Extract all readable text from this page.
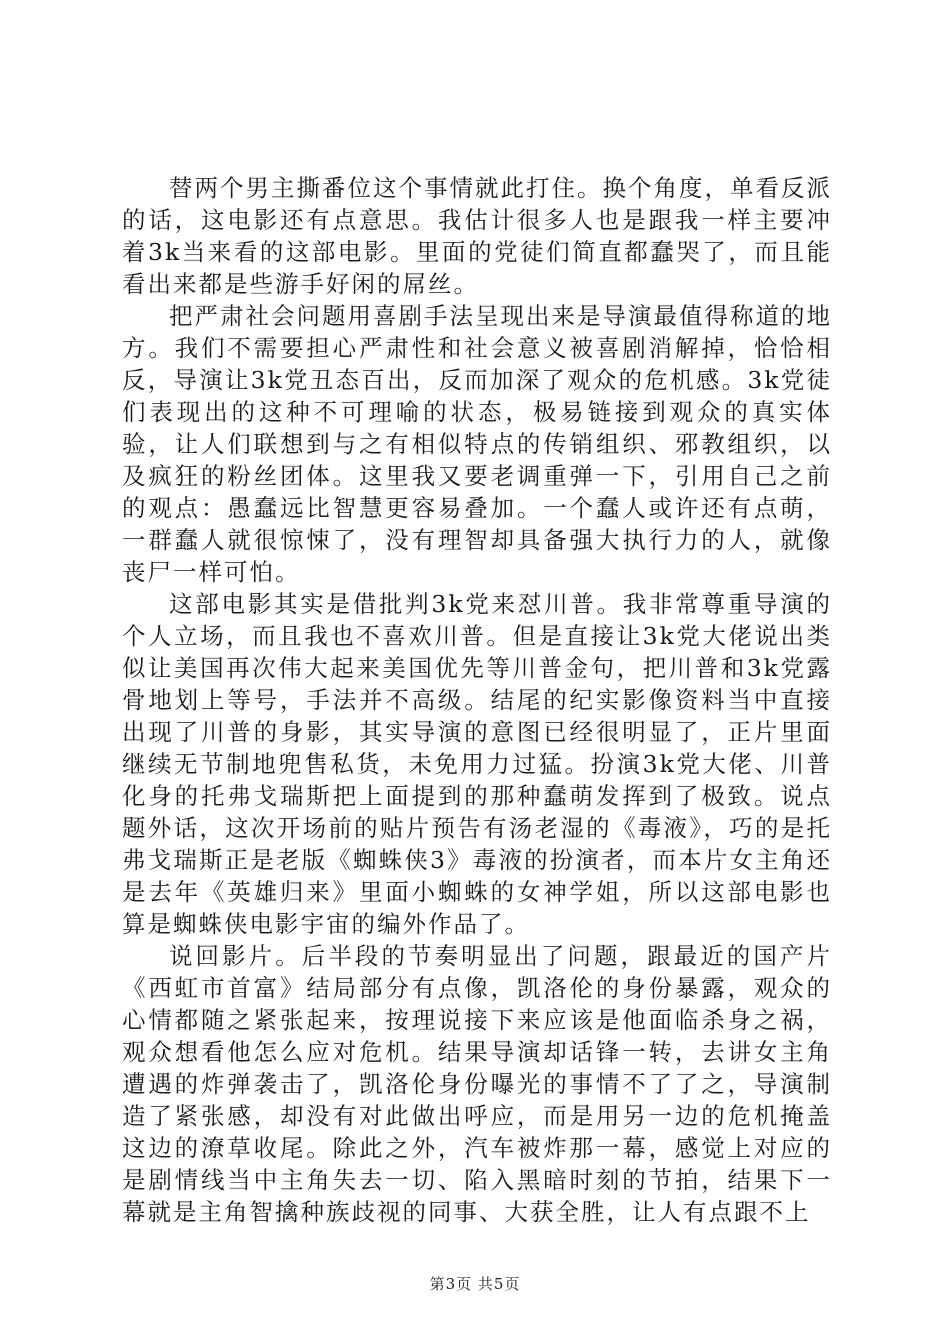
替两个男主撕番位这个事情就此打住。换个角度，单看反派的话，这电影还有点意思。我估计很多人也是跟我一样主要冲着3k当来看的这部电影。里面的党徒们简直都蠢哭了，而且能看出来都是些游手好闲的屌丝。

把严肃社会问题用喜剧手法呈现出来是导演最值得称道的地方。我们不需要担心严肃性和社会意义被喜剧消解掉，恰恰相反，导演让3k党丑态百出，反而加深了观众的危机感。3k党徒们表现出的这种不可理喻的状态，极易链接到观众的真实体验，让人们联想到与之有相似特点的传销组织、邪教组织，以及疯狂的粉丝团体。这里我又要老调重弹一下，引用自己之前的观点：愚蠢远比智慧更容易叠加。一个蠢人或许还有点萌，一群蠢人就很惊悚了，没有理智却具备强大执行力的人，就像丧尸一样可怕。

这部电影其实是借批判3k党来怼川普。我非常尊重导演的个人立场，而且我也不喜欢川普。但是直接让3k党大佬说出类似让美国再次伟大起来美国优先等川普金句，把川普和3k党露骨地划上等号，手法并不高级。结尾的纪实影像资料当中直接出现了川普的身影，其实导演的意图已经很明显了，正片里面继续无节制地兜售私货，未免用力过猛。扮演3k党大佬、川普化身的托弗戈瑞斯把上面提到的那种蠢萌发挥到了极致。说点题外话，这次开场前的贴片预告有汤老湿的《毒液》，巧的是托弗戈瑞斯正是老版《蜘蛛侠3》毒液的扮演者，而本片女主角还是去年《英雄归来》里面小蜘蛛的女神学姐，所以这部电影也算是蜘蛛侠电影宇宙的编外作品了。

说回影片。后半段的节奏明显出了问题，跟最近的国产片《西虹市首富》结局部分有点像，凯洛伦的身份暴露，观众的心情都随之紧张起来，按理说接下来应该是他面临杀身之祸，观众想看他怎么应对危机。结果导演却话锋一转，去讲女主角遭遇的炸弹袭击了，凯洛伦身份曝光的事情不了了之，导演制造了紧张感，却没有对此做出呼应，而是用另一边的危机掩盖这边的潦草收尾。除此之外，汽车被炸那一幕，感觉上对应的是剧情线当中主角失去一切、陷入黑暗时刻的节拍，结果下一幕就是主角智擒种族歧视的同事、大获全胜，让人有点跟不上

第3页 共5页
